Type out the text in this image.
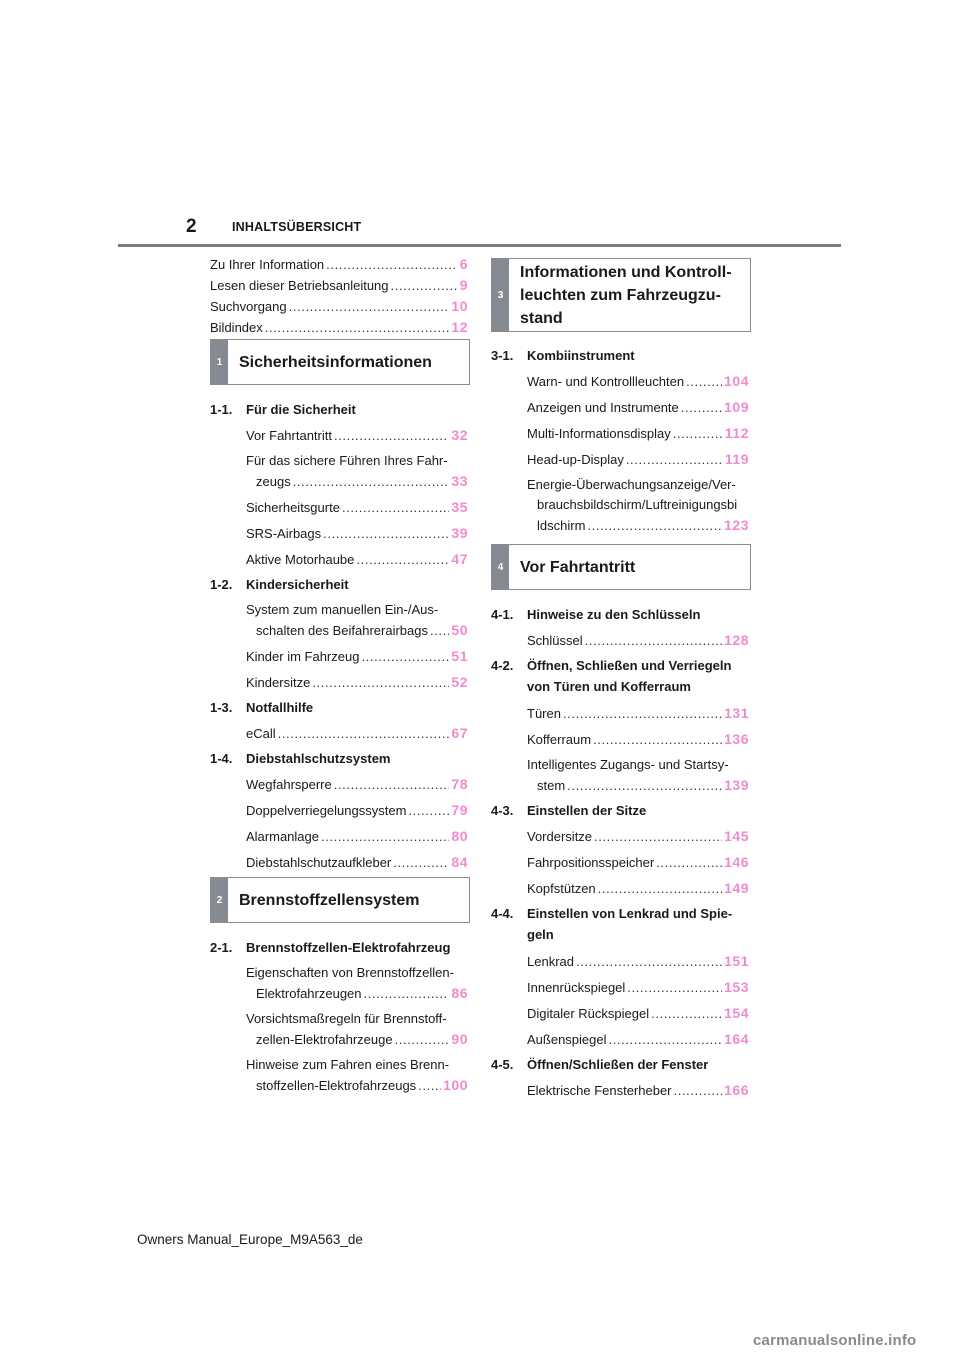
2	INHALTSÜBERSICHT
Zu Ihrer Information .....	6
Lesen dieser Betriebsanleitung .....	9
Suchvorgang .....	10
Bildindex .....	12
1	Sicherheitsinformationen
1-1.	Für die Sicherheit
Vor Fahrtantritt .....	32
Für das sichere Führen Ihres Fahr-
zeugs .....	33
Sicherheitsgurte .....	35
SRS-Airbags .....	39
Aktive Motorhaube .....	47
1-2.	Kindersicherheit
System zum manuellen Ein-/Aus-
schalten des Beifahrerairbags ..... 50
Kinder im Fahrzeug .....	51
Kindersitze .....	52
1-3.	Notfallhilfe
eCall .....	67
1-4.	Diebstahlschutzsystem
Wegfahrsperre .....	78
Doppelverriegelungssystem .....	79
Alarmanlage .....	80
Diebstahlschutzaufkleber .....	84
2	Brennstoffzellensystem
2-1.	Brennstoffzellen-Elektrofahrzeug
Eigenschaften von Brennstoffzellen-
Elektrofahrzeugen .....	86
Vorsichtsmaßregeln für Brennstoff-
zellen-Elektrofahrzeuge .....	90
Hinweise zum Fahren eines Brenn-
stoffzellen-Elektrofahrzeugs ..... 100
3
Informationen und Kontroll-
leuchten zum Fahrzeugzu-
stand
3-1.	Kombiinstrument
Warn- und Kontrollleuchten .....	104
Anzeigen und Instrumente .....	109
Multi-Informationsdisplay .....	112
Head-up-Display .....	119
Energie-Überwachungsanzeige/Ver-
brauchsbildschirm/Luftreinigungsbi
ldschirm .....	123
4	Vor Fahrtantritt
4-1.	Hinweise zu den Schlüsseln
Schlüssel .....	128
4-2.	Öffnen, Schließen und Verriegeln
von Türen und Kofferraum
Türen .....	131
Kofferraum .....	136
Intelligentes Zugangs- und Startsy-
stem .....	139
4-3.	Einstellen der Sitze
Vordersitze .....	145
Fahrpositionsspeicher .....	146
Kopfstützen .....	149
4-4.	Einstellen von Lenkrad und Spie-
geln
Lenkrad .....	151
Innenrückspiegel .....	153
Digitaler Rückspiegel .....	154
Außenspiegel .....	164
4-5.	Öffnen/Schließen der Fenster
Elektrische Fensterheber .....	166
Owners Manual_Europe_M9A563_de
carmanualsonline.info
